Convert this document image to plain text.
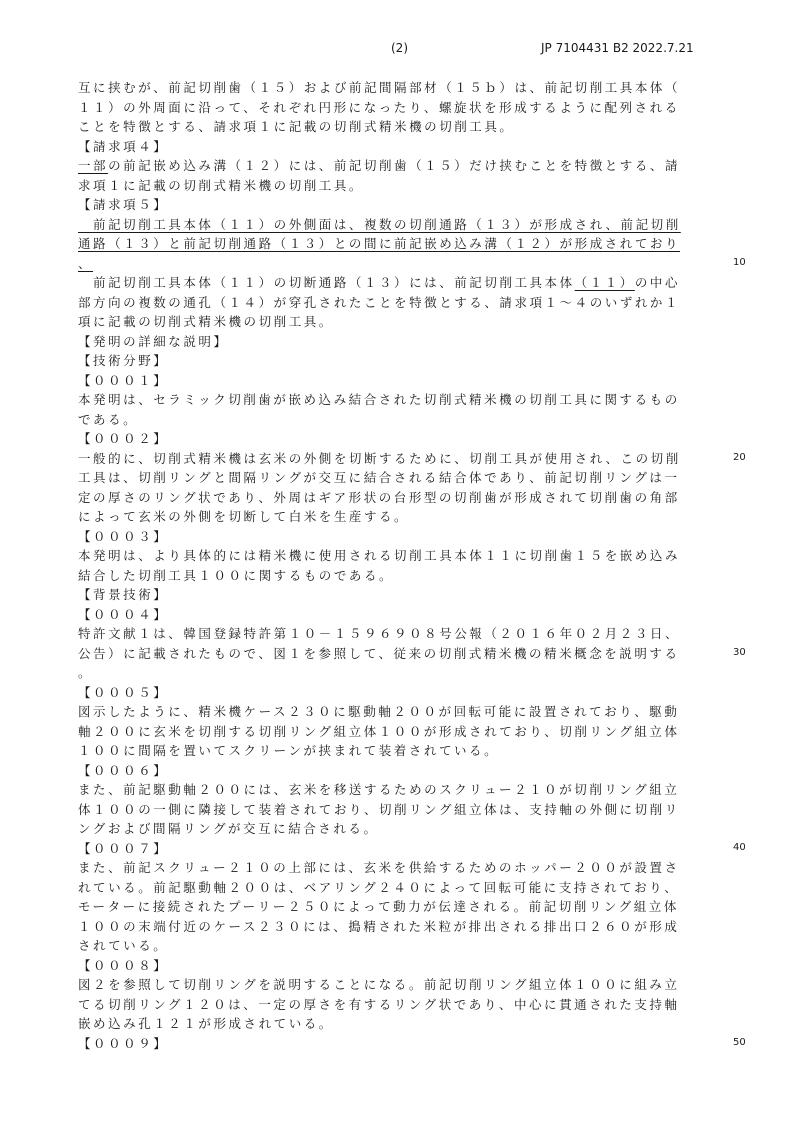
(2)	JP 7104431 B2 2022.7.21
互に挟むが、前記切削歯（１５）および前記間隔部材（１５ｂ）は、前記切削工具本体（
１１）の外周面に沿って、それぞれ円形になったり、螺旋状を形成するように配列される
ことを特徴とする、請求項１に記載の切削式精米機の切削工具。
【請求項４】
一部の前記嵌め込み溝（１２）には、前記切削歯（１５）だけ挟むことを特徴とする、請
求項１に記載の切削式精米機の切削工具。
【請求項５】
　前記切削工具本体（１１）の外側面は、複数の切削通路（１３）が形成され、前記切削
通路（１３）と前記切削通路（１３）との間に前記嵌め込み溝（１２）が形成されており
、
　前記切削工具本体（１１）の切断通路（１３）には、前記切削工具本体（１１）の中心
部方向の複数の通孔（１４）が穿孔されたことを特徴とする、請求項１～４のいずれか１
項に記載の切削式精米機の切削工具。
【発明の詳細な説明】
【技術分野】
【０００１】
本発明は、セラミック切削歯が嵌め込み結合された切削式精米機の切削工具に関するもの
である。
【０００２】
一般的に、切削式精米機は玄米の外側を切断するために、切削工具が使用され、この切削
工具は、切削リングと間隔リングが交互に結合される結合体であり、前記切削リングは一
定の厚さのリング状であり、外周はギア形状の台形型の切削歯が形成されて切削歯の角部
によって玄米の外側を切断して白米を生産する。
【０００３】
本発明は、より具体的には精米機に使用される切削工具本体１１に切削歯１５を嵌め込み
結合した切削工具１００に関するものである。
【背景技術】
【０００４】
特許文献１は、韓国登録特許第１０－１５９６９０８号公報（２０１６年０２月２３日、
公告）に記載されたもので、図１を参照して、従来の切削式精米機の精米概念を説明する
。
【０００５】
図示したように、精米機ケース２３０に駆動軸２００が回転可能に設置されており、駆動
軸２００に玄米を切削する切削リング組立体１００が形成されており、切削リング組立体
１００に間隔を置いてスクリーンが挟まれて装着されている。
【０００６】
また、前記駆動軸２００には、玄米を移送するためのスクリュー２１０が切削リング組立
体１００の一側に隣接して装着されており、切削リング組立体は、支持軸の外側に切削リ
ングおよび間隔リングが交互に結合される。
【０００７】
また、前記スクリュー２１０の上部には、玄米を供給するためのホッパー２００が設置さ
れている。前記駆動軸２００は、ベアリング２４０によって回転可能に支持されており、
モーターに接続されたプーリー２５０によって動力が伝達される。前記切削リング組立体
１００の末端付近のケース２３０には、搗精された米粒が排出される排出口２６０が形成
されている。
【０００８】
図２を参照して切削リングを説明することになる。前記切削リング組立体１００に組み立
てる切削リング１２０は、一定の厚さを有するリング状であり、中心に貫通された支持軸
嵌め込み孔１２１が形成されている。
【０００９】
10
20
30
40
50
